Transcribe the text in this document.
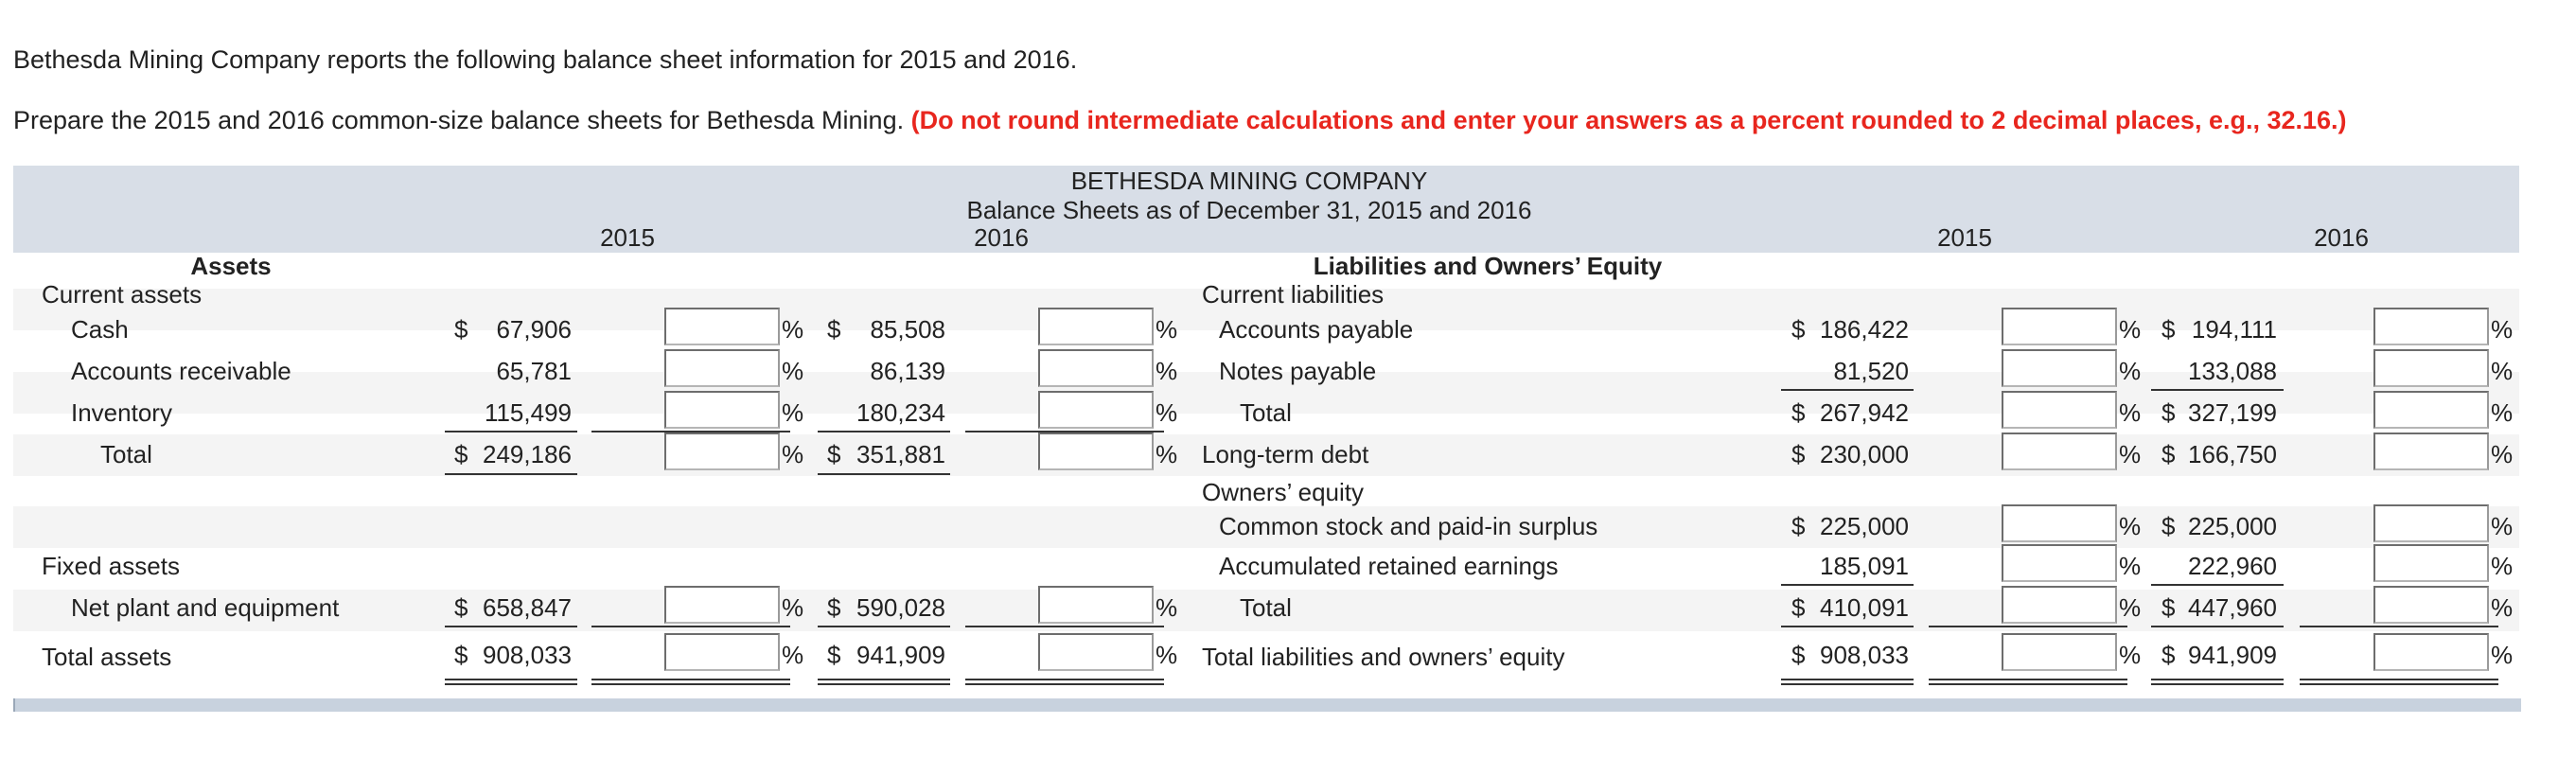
Bethesda Mining Company reports the following balance sheet information for 2015 and 2016.
Prepare the 2015 and 2016 common-size balance sheets for Bethesda Mining. (Do not round intermediate calculations and enter your answers as a percent rounded to 2 decimal places, e.g., 32.16.)
BETHESDA MINING COMPANY
Balance Sheets as of December 31, 2015 and 2016
2015	2016	2015	2016
Assets	Liabilities and Owners’ Equity
Current assets	Current liabilities
Cash	$ 67,906	% $ 85,508	% Accounts payable	$ 186,422	% $ 194,111	%
Accounts receivable	65,781	%	86,139	% Notes payable	81,520	% 133,088	%
Inventory	115,499	% 180,234	%	Total	$ 267,942	% $ 327,199	%
Total	$ 249,186	% $ 351,881	% Long-term debt	$ 230,000	% $ 166,750	%
Owners’ equity
Common stock and paid-in surplus	$ 225,000	% $ 225,000	%
Fixed assets	Accumulated retained earnings	185,091	% 222,960	%
Net plant and equipment	$ 658,847	% $ 590,028	%	Total	$ 410,091	% $ 447,960	%
Total assets	$ 908,033	% $ 941,909	% Total liabilities and owners’ equity	$ 908,033	% $ 941,909	%
